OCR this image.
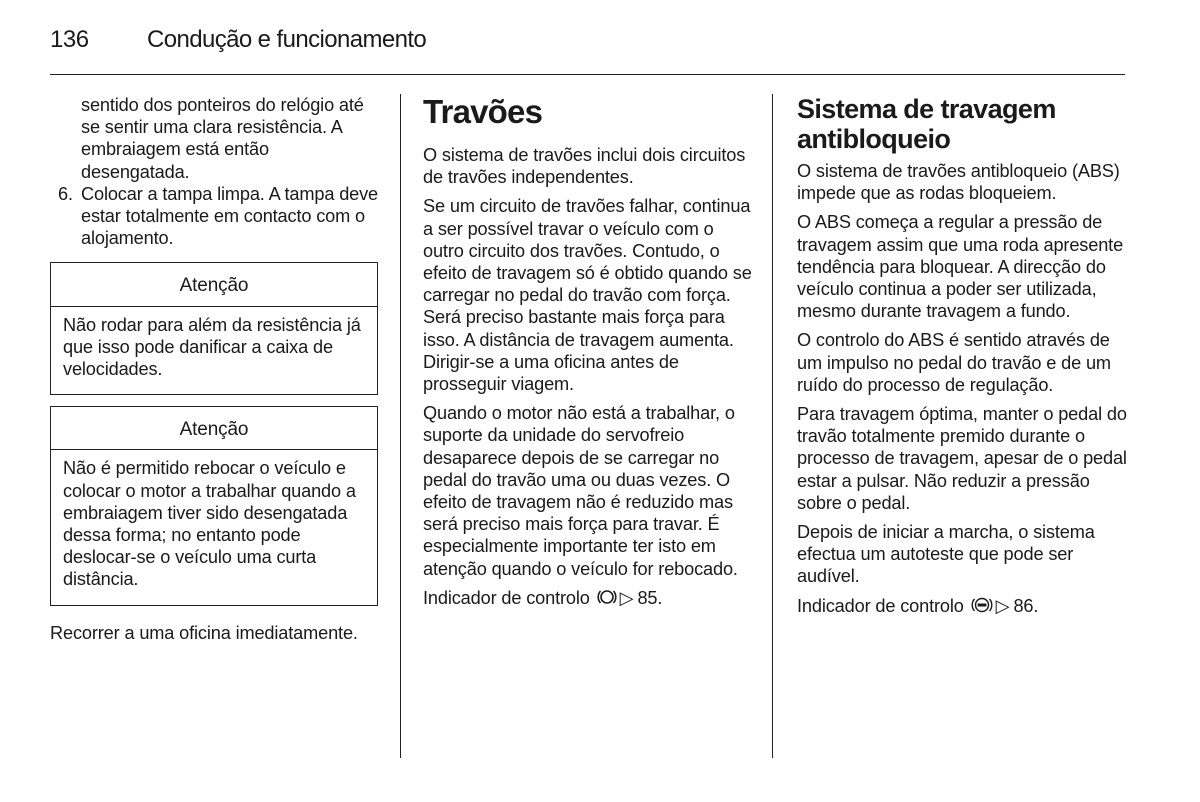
136 Condução e funcionamento

sentido dos ponteiros do relógio até se sentir uma clara resistência. A embraiagem está então desengatada.

6. Colocar a tampa limpa. A tampa deve estar totalmente em contacto com o alojamento.

Atenção
Não rodar para além da resistência já que isso pode danificar a caixa de velocidades.
Atenção
Não é permitido rebocar o veículo e colocar o motor a trabalhar quando a embraiagem tiver sido desengatada dessa forma; no entanto pode deslocar-se o veículo uma curta distância.

Recorrer a uma oficina imediatamente.

Travões

O sistema de travões inclui dois circuitos de travões independentes.

Se um circuito de travões falhar, continua a ser possível travar o veículo com o outro circuito dos travões. Contudo, o efeito de travagem só é obtido quando se carregar no pedal do travão com força. Será preciso bastante mais força para isso. A distância de travagem aumenta. Dirigir-se a uma oficina antes de prosseguir viagem.

Quando o motor não está a trabalhar, o suporte da unidade do servofreio desaparece depois de se carregar no pedal do travão uma ou duas vezes. O efeito de travagem não é reduzido mas será preciso mais força para travar. É especialmente importante ter isto em atenção quando o veículo for rebocado.

Indicador de controlo ▷ 85.

Sistema de travagem antibloqueio

O sistema de travões antibloqueio (ABS) impede que as rodas bloqueiem.

O ABS começa a regular a pressão de travagem assim que uma roda apresente tendência para bloquear. A direcção do veículo continua a poder ser utilizada, mesmo durante travagem a fundo.

O controlo do ABS é sentido através de um impulso no pedal do travão e de um ruído do processo de regulação.

Para travagem óptima, manter o pedal do travão totalmente premido durante o processo de travagem, apesar de o pedal estar a pulsar. Não reduzir a pressão sobre o pedal.

Depois de iniciar a marcha, o sistema efectua um autoteste que pode ser audível.

Indicador de controlo ▷ 86.
